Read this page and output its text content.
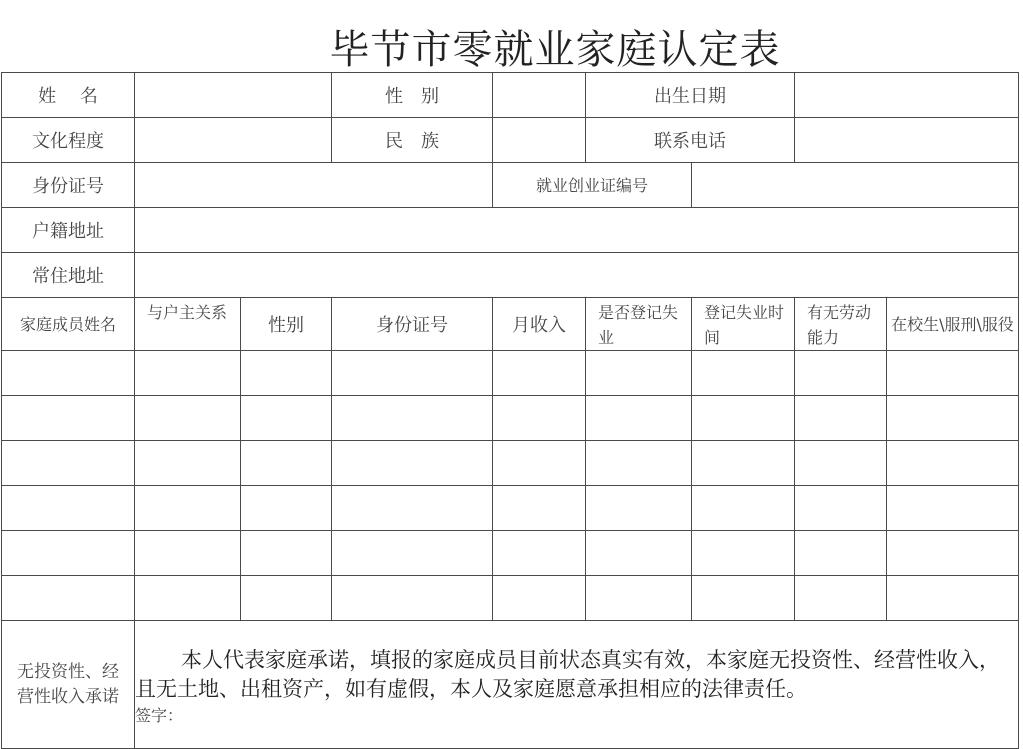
毕节市零就业家庭认定表
姓　 名			性　别		出生日期			
文化程度			民　族		联系电话			
身份证号				就业创业证编号				
户籍地址								
常住地址								
家庭成员姓名	与户主关系	性别	身份证号	月收入	是否登记失业	登记失业时间	有无劳动能力	在校生\服刑\服役

无投资性、经营性收入承诺	本人代表家庭承诺，填报的家庭成员目前状态真实有效，本家庭无投资性、经营性收入，且无土地、出租资产，如有虚假，本人及家庭愿意承担相应的法律责任。
签字：							
